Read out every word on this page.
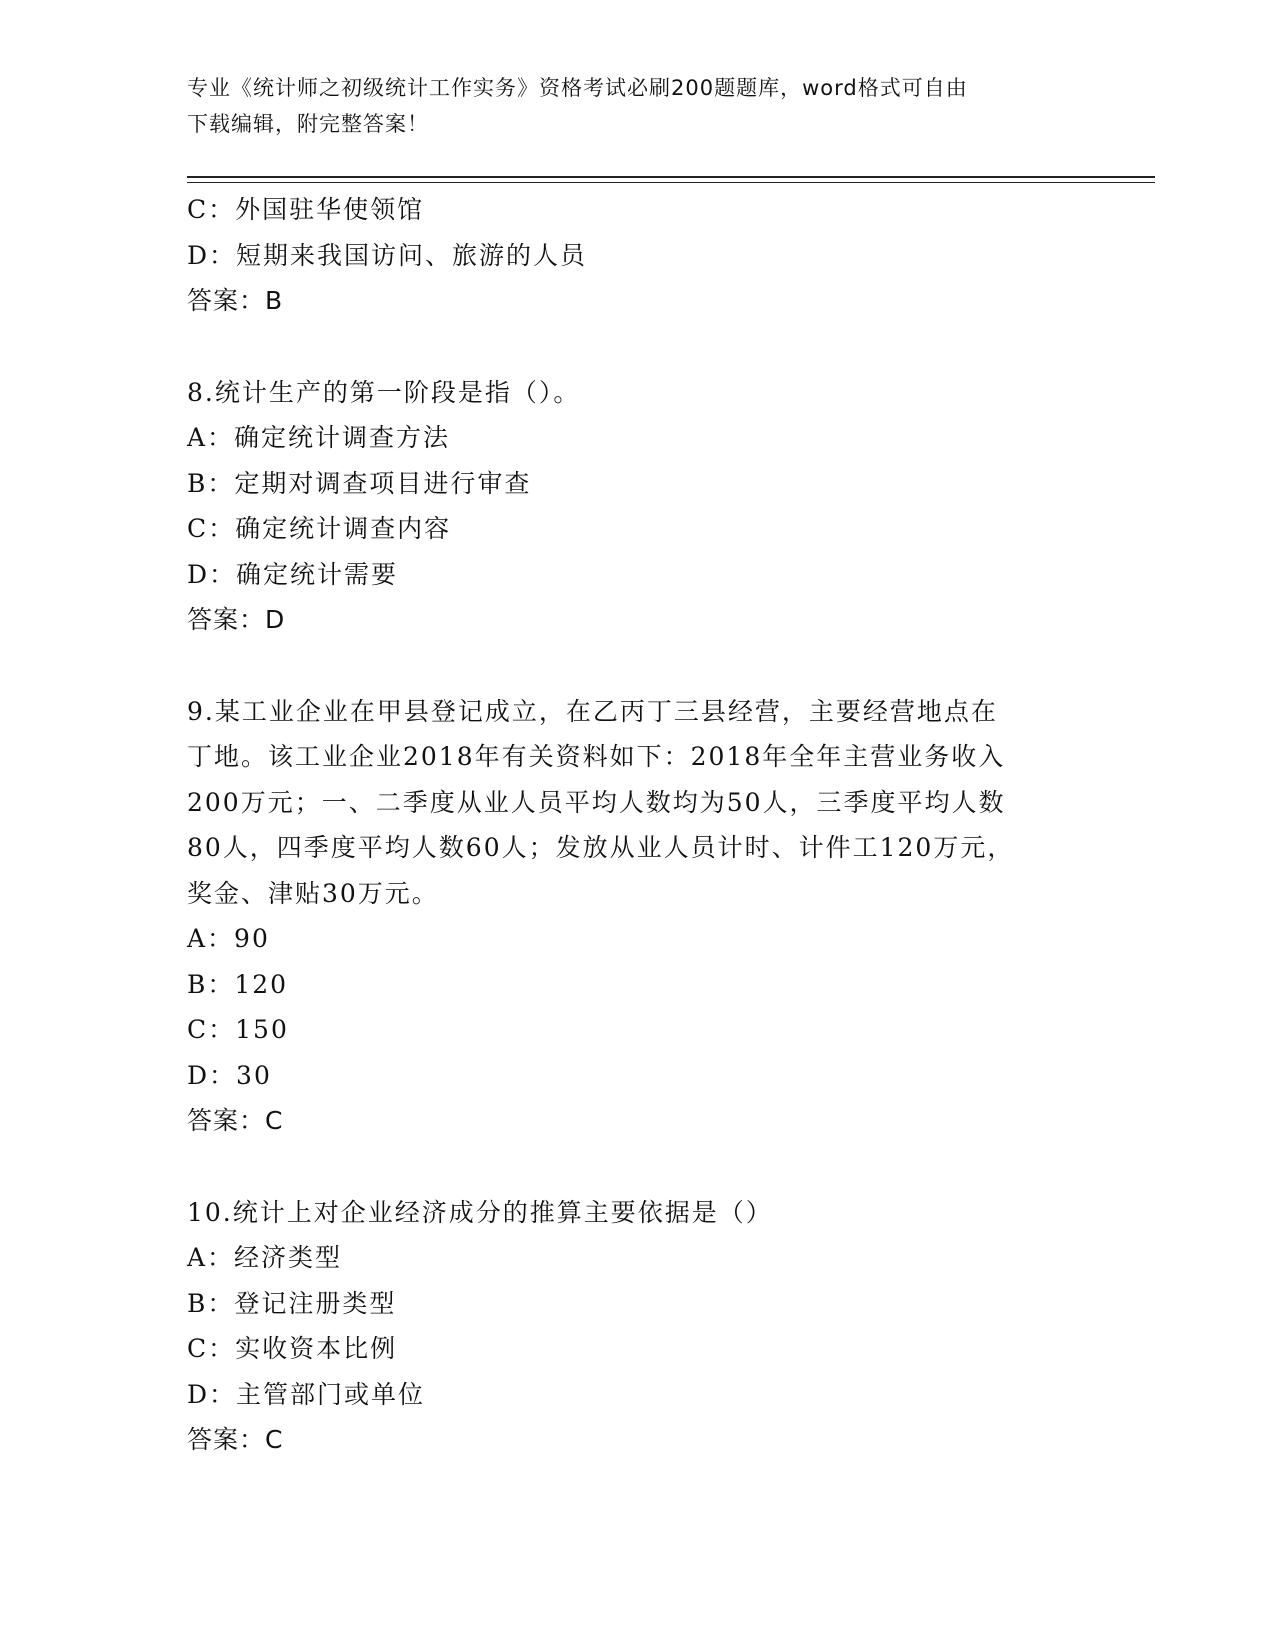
专业《统计师之初级统计工作实务》资格考试必刷200题题库，word格式可自由
下载编辑，附完整答案！
C：外国驻华使领馆
D：短期来我国访问、旅游的人员
答案：B
8.统计生产的第一阶段是指（）。
A：确定统计调查方法
B：定期对调查项目进行审查
C：确定统计调查内容
D：确定统计需要
答案：D
9.某工业企业在甲县登记成立，在乙丙丁三县经营，主要经营地点在
丁地。该工业企业2018年有关资料如下：2018年全年主营业务收入
200万元；一、二季度从业人员平均人数均为50人，三季度平均人数
80人，四季度平均人数60人；发放从业人员计时、计件工120万元，
奖金、津贴30万元。
A：90
B：120
C：150
D：30
答案：C
10.统计上对企业经济成分的推算主要依据是（）
A：经济类型
B：登记注册类型
C：实收资本比例
D：主管部门或单位
答案：C
